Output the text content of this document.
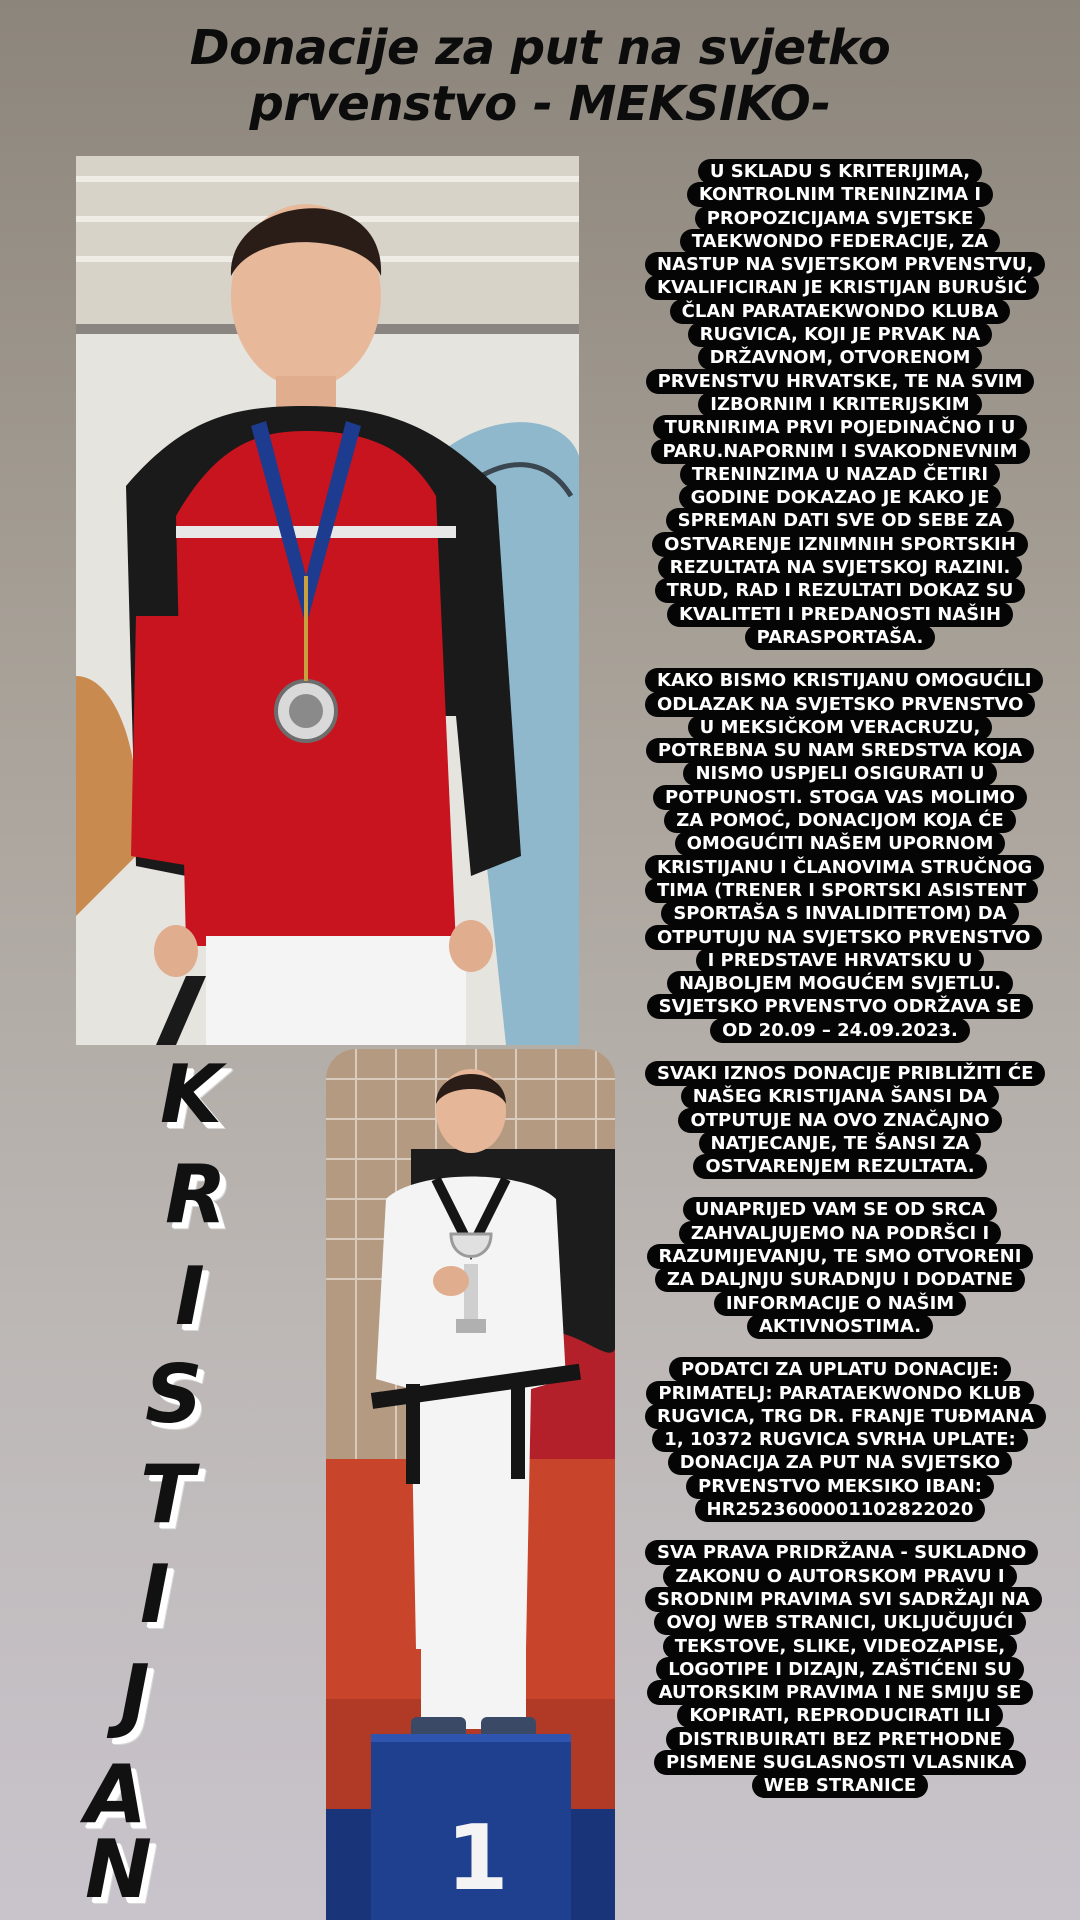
Donacije za put na svjetko
prvenstvo - MEKSIKO-
K
R
I
S
T
I
J
A
N	1

U SKLADU S KRITERIJIMA, KONTROLNIM TRENINZIMA I PROPOZICIJAMA SVJETSKE TAEKWONDO FEDERACIJE, ZA NASTUP NA SVJETSKOM PRVENSTVU, KVALIFICIRAN JE KRISTIJAN BURUŠIĆ ČLAN PARATAEKWONDO KLUBA RUGVICA, KOJI JE PRVAK NA DRŽAVNOM, OTVORENOM PRVENSTVU HRVATSKE, TE NA SVIM IZBORNIM I KRITERIJSKIM TURNIRIMA PRVI POJEDINAČNO I U PARU.NAPORNIM I SVAKODNEVNIM TRENINZIMA U NAZAD ČETIRI GODINE DOKAZAO JE KAKO JE SPREMAN DATI SVE OD SEBE ZA OSTVARENJE IZNIMNIH SPORTSKIH REZULTATA NA SVJETSKOJ RAZINI. TRUD, RAD I REZULTATI DOKAZ SU KVALITETI I PREDANOSTI NAŠIH PARASPORTAŠA.

KAKO BISMO KRISTIJANU OMOGUĆILI ODLAZAK NA SVJETSKO PRVENSTVO U MEKSIČKOM VERACRUZU, POTREBNA SU NAM SREDSTVA KOJA NISMO USPJELI OSIGURATI U POTPUNOSTI. STOGA VAS MOLIMO ZA POMOĆ, DONACIJOM KOJA ĆE OMOGUĆITI NAŠEM UPORNOM KRISTIJANU I ČLANOVIMA STRUČNOG TIMA (TRENER I SPORTSKI ASISTENT SPORTAŠA S INVALIDITETOM) DA OTPUTUJU NA SVJETSKO PRVENSTVO I PREDSTAVE HRVATSKU U NAJBOLJEM MOGUĆEM SVJETLU. SVJETSKO PRVENSTVO ODRŽAVA SE OD 20.09 – 24.09.2023.

SVAKI IZNOS DONACIJE PRIBLIŽITI ĆE NAŠEG KRISTIJANA ŠANSI DA OTPUTUJE NA OVO ZNAČAJNO NATJECANJE, TE ŠANSI ZA OSTVARENJEM REZULTATA.

UNAPRIJED VAM SE OD SRCA ZAHVALJUJEMO NA PODRŠCI I RAZUMIJEVANJU, TE SMO OTVORENI ZA DALJNJU SURADNJU I DODATNE INFORMACIJE O NAŠIM AKTIVNOSTIMA.

PODATCI ZA UPLATU DONACIJE: PRIMATELJ: PARATAEKWONDO KLUB RUGVICA, TRG DR. FRANJE TUĐMANA 1, 10372 RUGVICA SVRHA UPLATE: DONACIJA ZA PUT NA SVJETSKO PRVENSTVO MEKSIKO IBAN: HR2523600001102822020

SVA PRAVA PRIDRŽANA - SUKLADNO ZAKONU O AUTORSKOM PRAVU I SRODNIM PRAVIMA SVI SADRŽAJI NA OVOJ WEB STRANICI, UKLJUČUJUĆI TEKSTOVE, SLIKE, VIDEOZAPISE, LOGOTIPE I DIZAJN, ZAŠTIĆENI SU AUTORSKIM PRAVIMA I NE SMIJU SE KOPIRATI, REPRODUCIRATI ILI DISTRIBUIRATI BEZ PRETHODNE PISMENE SUGLASNOSTI VLASNIKA WEB STRANICE
